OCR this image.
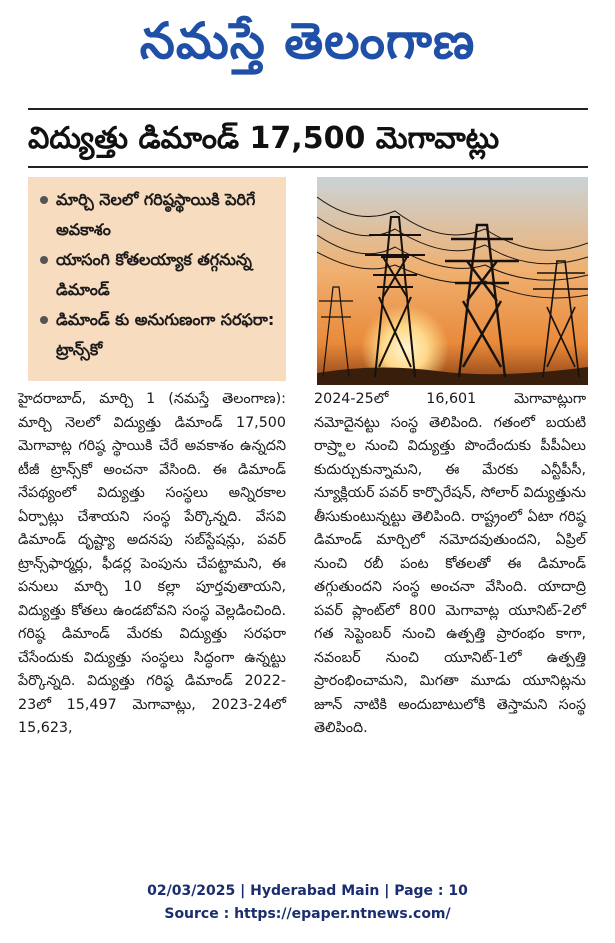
నమస్తే తెలంగాణ
విద్యుత్తు డిమాండ్ 17,500 మెగావాట్లు
మార్చి నెలలో గరిష్ఠస్థాయికి పెరిగే అవకాశం
యాసంగి కోతలయ్యాక తగ్గనున్న డిమాండ్
డిమాండ్ కు అనుగుణంగా సరఫరా: ట్రాన్స్‌కో
హైదరాబాద్, మార్చి 1 (నమస్తే తెలంగాణ): మార్చి నెలలో విద్యుత్తు డిమాండ్ 17,500 మెగావాట్ల గరిష్ఠ స్థాయికి చేరే అవకాశం ఉన్నదని టీజీ ట్రాన్స్‌కో అంచనా వేసింది. ఈ డిమాండ్ నేపథ్యంలో విద్యుత్తు సంస్థలు అన్నిరకాల ఏర్పాట్లు చేశాయని సంస్థ పేర్కొన్నది. వేసవి డిమాండ్ దృష్ట్యా అదనపు సబ్‌స్టేషన్లు, పవర్ ట్రాన్స్‌ఫార్మర్లు, ఫీడర్ల పెంపును చేపట్టామని, ఈ పనులు మార్చి 10 కల్లా పూర్తవుతాయని, విద్యుత్తు కోతలు ఉండబోవని సంస్థ వెల్లడించింది. గరిష్ఠ డిమాండ్ మేరకు విద్యుత్తు సరఫరా చేసేందుకు విద్యుత్తు సంస్థలు సిద్ధంగా ఉన్నట్టు పేర్కొన్నది. విద్యుత్తు గరిష్ఠ డిమాండ్ 2022-23లో 15,497 మెగావాట్లు, 2023-24లో 15,623,
2024-25లో 16,601 మెగావాట్లుగా నమోదైనట్టు సంస్థ తెలిపింది. గతంలో బయటి రాష్ర్టాల నుంచి విద్యుత్తు పొందేందుకు పీపీఏలు కుదుర్చుకున్నామని, ఈ మేరకు ఎన్టీపీసీ, న్యూక్లియర్ పవర్ కార్పొరేషన్, సోలార్ విద్యుత్తును తీసుకుంటున్నట్టు తెలిపింది. రాష్ట్రంలో ఏటా గరిష్ఠ డిమాండ్ మార్చిలో నమోదవుతుందని, ఏప్రిల్ నుంచి రబీ పంట కోతలతో ఈ డిమాండ్ తగ్గుతుందని సంస్థ అంచనా వేసింది. యాదాద్రి పవర్ ప్లాంట్‌లో 800 మెగావాట్ల యూనిట్-2లో గత సెప్టెంబర్ నుంచి ఉత్పత్తి ప్రారంభం కాగా, నవంబర్ నుంచి యూనిట్-1లో ఉత్పత్తి ప్రారంభించామని, మిగతా మూడు యూనిట్లను జూన్ నాటికి అందుబాటులోకి తెస్తామని సంస్థ తెలిపింది.
02/03/2025 | Hyderabad Main | Page : 10
Source : https://epaper.ntnews.com/
